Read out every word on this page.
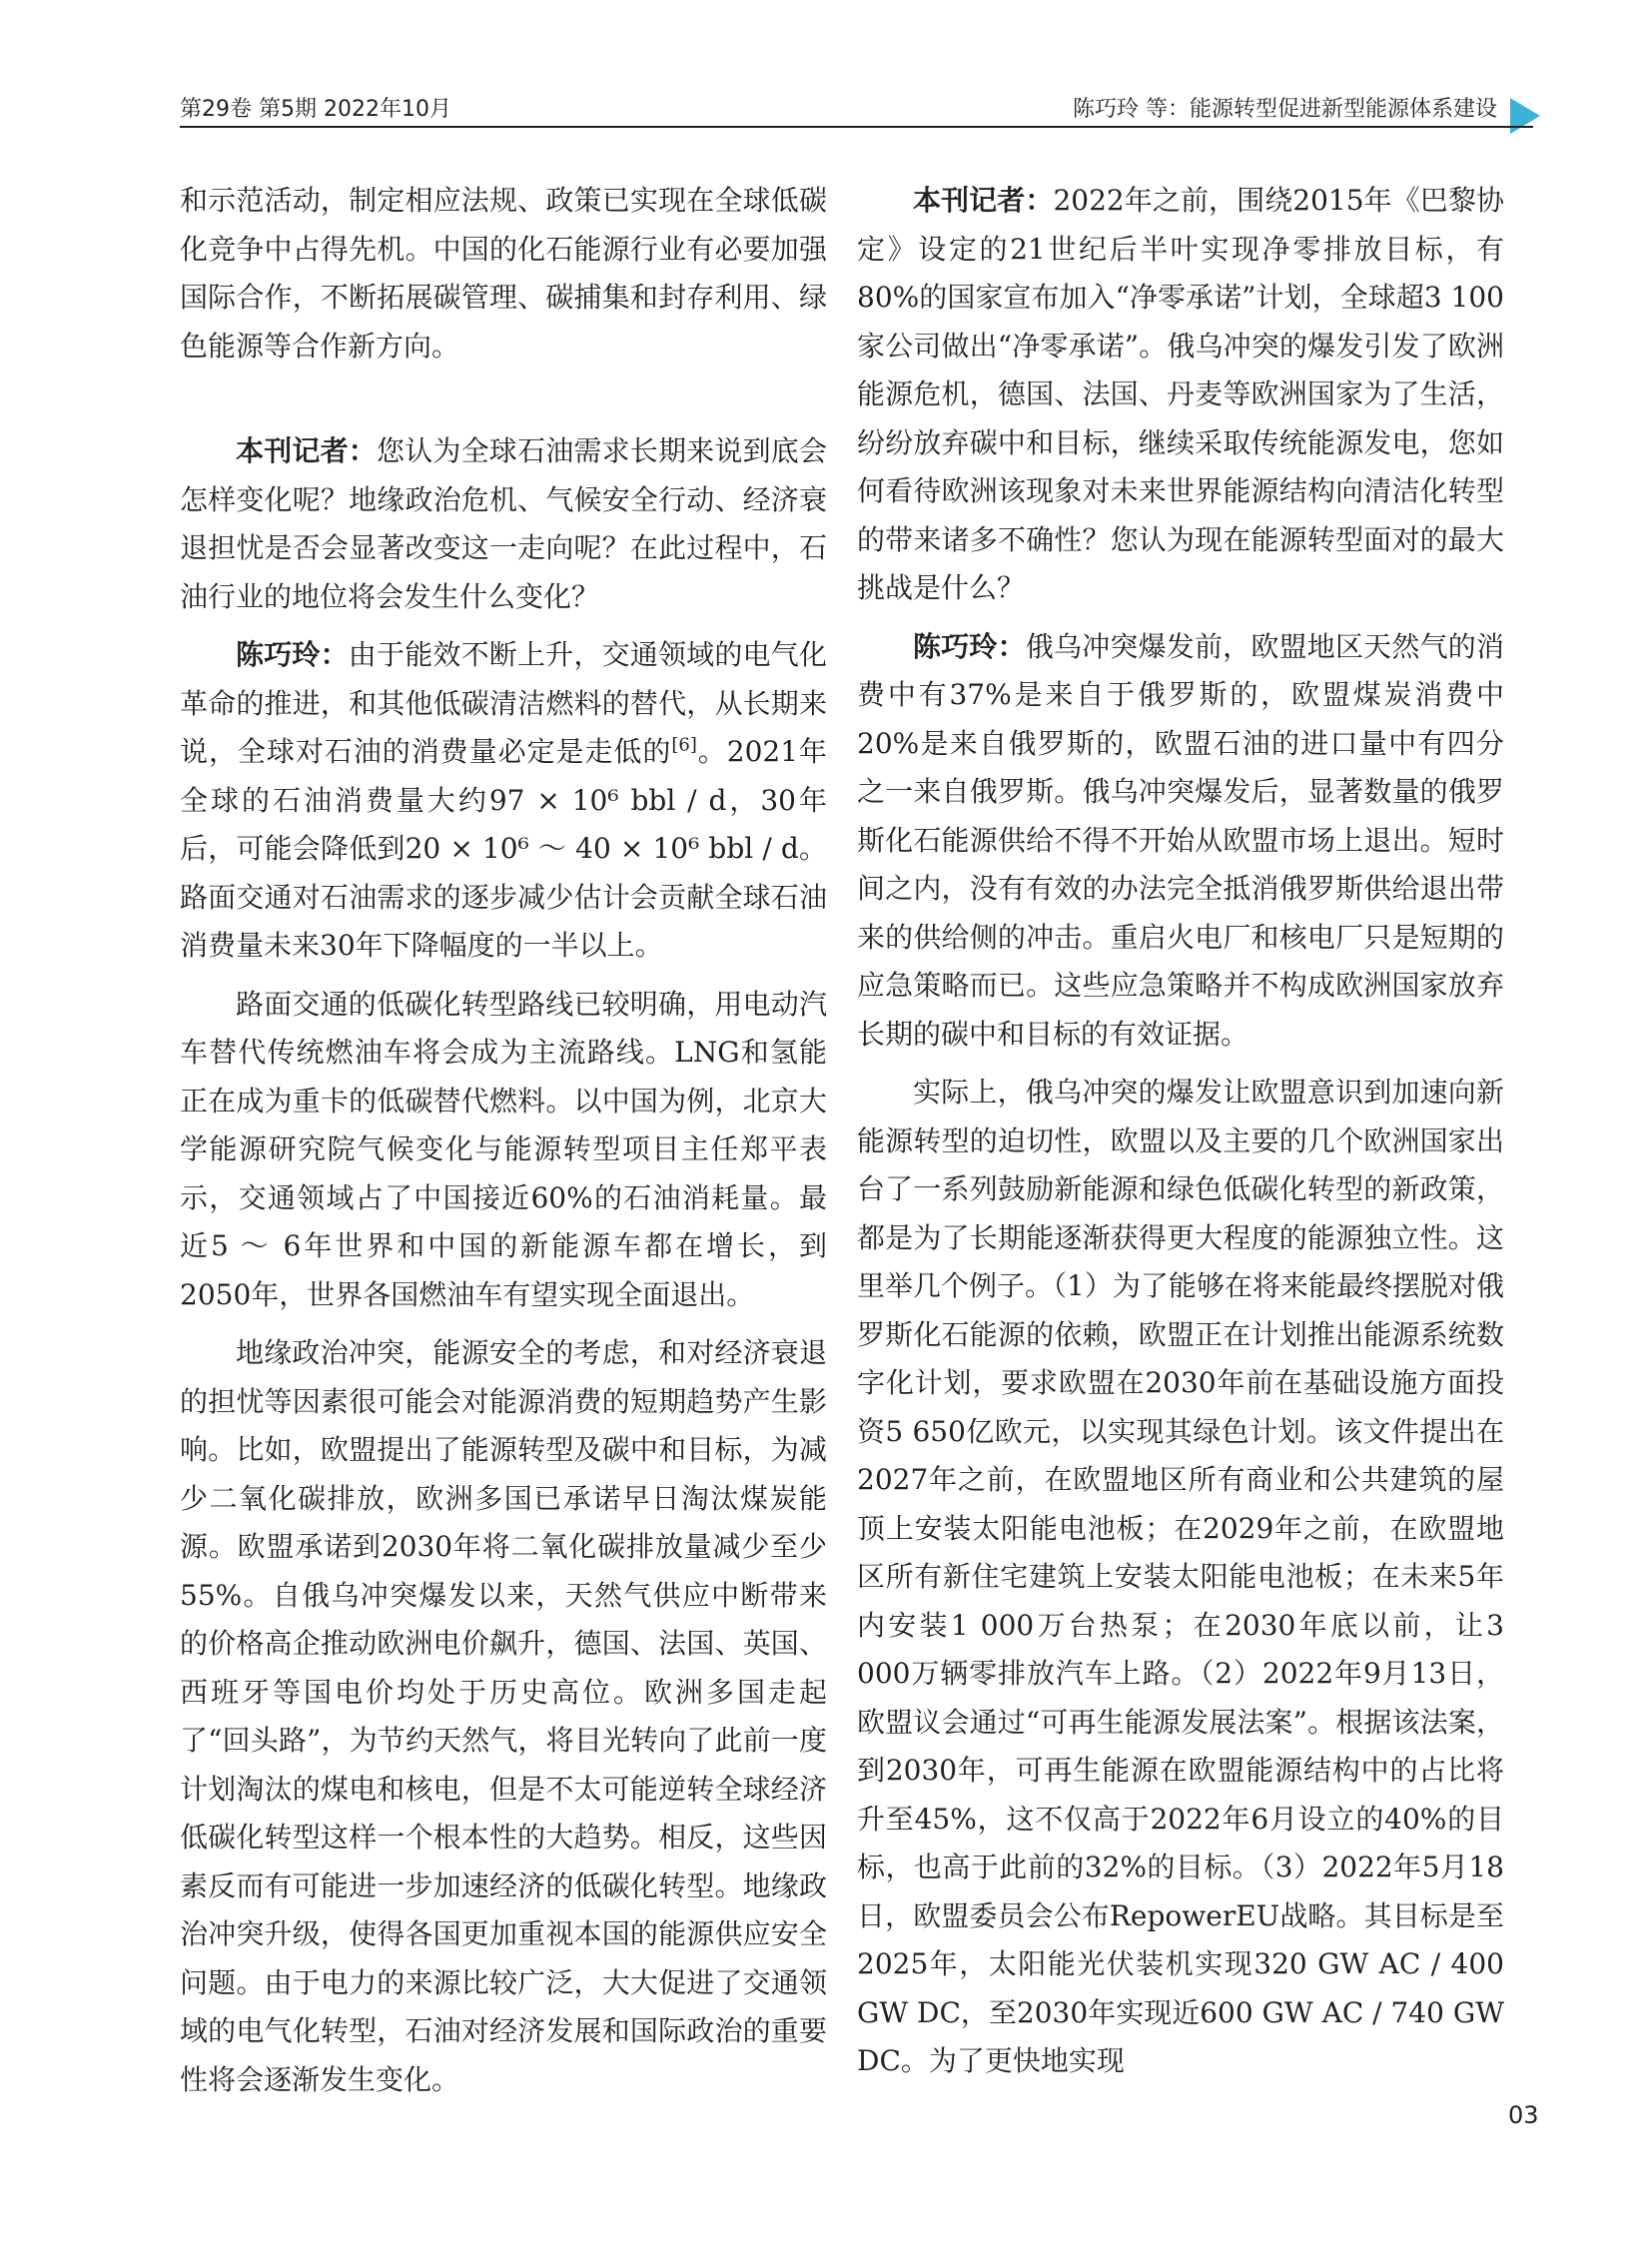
第29卷 第5期 2022年10月	陈巧玲 等：能源转型促进新型能源体系建设

和示范活动，制定相应法规、政策已实现在全球低碳化竞争中占得先机。中国的化石能源行业有必要加强国际合作，不断拓展碳管理、碳捕集和封存利用、绿色能源等合作新方向。

本刊记者：您认为全球石油需求长期来说到底会怎样变化呢？地缘政治危机、气候安全行动、经济衰退担忧是否会显著改变这一走向呢？在此过程中，石油行业的地位将会发生什么变化？

陈巧玲：由于能效不断上升，交通领域的电气化革命的推进，和其他低碳清洁燃料的替代，从长期来说，全球对石油的消费量必定是走低的[6]。2021年全球的石油消费量大约97 × 10⁶ bbl / d，30年后，可能会降低到20 × 10⁶ ～ 40 × 10⁶ bbl / d。路面交通对石油需求的逐步减少估计会贡献全球石油消费量未来30年下降幅度的一半以上。

路面交通的低碳化转型路线已较明确，用电动汽车替代传统燃油车将会成为主流路线。LNG和氢能正在成为重卡的低碳替代燃料。以中国为例，北京大学能源研究院气候变化与能源转型项目主任郑平表示，交通领域占了中国接近60%的石油消耗量。最近5 ～ 6年世界和中国的新能源车都在增长，到2050年，世界各国燃油车有望实现全面退出。

地缘政治冲突，能源安全的考虑，和对经济衰退的担忧等因素很可能会对能源消费的短期趋势产生影响。比如，欧盟提出了能源转型及碳中和目标，为减少二氧化碳排放，欧洲多国已承诺早日淘汰煤炭能源。欧盟承诺到2030年将二氧化碳排放量减少至少55%。自俄乌冲突爆发以来，天然气供应中断带来的价格高企推动欧洲电价飙升，德国、法国、英国、西班牙等国电价均处于历史高位。欧洲多国走起了“回头路”，为节约天然气，将目光转向了此前一度计划淘汰的煤电和核电，但是不太可能逆转全球经济低碳化转型这样一个根本性的大趋势。相反，这些因素反而有可能进一步加速经济的低碳化转型。地缘政治冲突升级，使得各国更加重视本国的能源供应安全问题。由于电力的来源比较广泛，大大促进了交通领域的电气化转型，石油对经济发展和国际政治的重要性将会逐渐发生变化。

本刊记者：2022年之前，围绕2015年《巴黎协定》设定的21世纪后半叶实现净零排放目标，有80%的国家宣布加入“净零承诺”计划，全球超3 100家公司做出“净零承诺”。俄乌冲突的爆发引发了欧洲能源危机，德国、法国、丹麦等欧洲国家为了生活，纷纷放弃碳中和目标，继续采取传统能源发电，您如何看待欧洲该现象对未来世界能源结构向清洁化转型的带来诸多不确性？您认为现在能源转型面对的最大挑战是什么？

陈巧玲：俄乌冲突爆发前，欧盟地区天然气的消费中有37%是来自于俄罗斯的，欧盟煤炭消费中20%是来自俄罗斯的，欧盟石油的进口量中有四分之一来自俄罗斯。俄乌冲突爆发后，显著数量的俄罗斯化石能源供给不得不开始从欧盟市场上退出。短时间之内，没有有效的办法完全抵消俄罗斯供给退出带来的供给侧的冲击。重启火电厂和核电厂只是短期的应急策略而已。这些应急策略并不构成欧洲国家放弃长期的碳中和目标的有效证据。

实际上，俄乌冲突的爆发让欧盟意识到加速向新能源转型的迫切性，欧盟以及主要的几个欧洲国家出台了一系列鼓励新能源和绿色低碳化转型的新政策，都是为了长期能逐渐获得更大程度的能源独立性。这里举几个例子。（1）为了能够在将来能最终摆脱对俄罗斯化石能源的依赖，欧盟正在计划推出能源系统数字化计划，要求欧盟在2030年前在基础设施方面投资5 650亿欧元，以实现其绿色计划。该文件提出在2027年之前，在欧盟地区所有商业和公共建筑的屋顶上安装太阳能电池板；在2029年之前，在欧盟地区所有新住宅建筑上安装太阳能电池板；在未来5年内安装1 000万台热泵；在2030年底以前，让3 000万辆零排放汽车上路。（2）2022年9月13日，欧盟议会通过“可再生能源发展法案”。根据该法案，到2030年，可再生能源在欧盟能源结构中的占比将升至45%，这不仅高于2022年6月设立的40%的目标，也高于此前的32%的目标。（3）2022年5月18日，欧盟委员会公布RepowerEU战略。其目标是至2025年，太阳能光伏装机实现320 GW AC / 400 GW DC，至2030年实现近600 GW AC / 740 GW DC。为了更快地实现

03
